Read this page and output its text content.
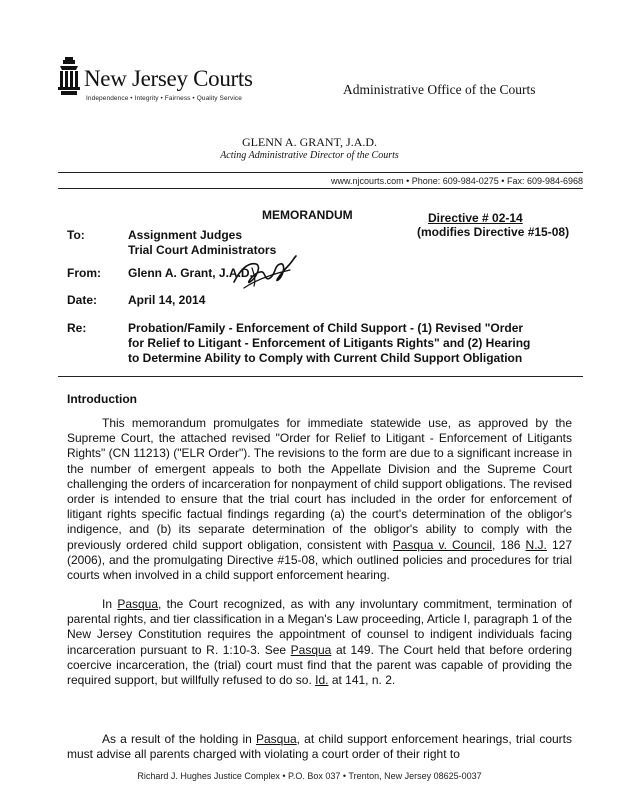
New Jersey Courts
Independence • Integrity • Fairness • Quality Service
Administrative Office of the Courts
GLENN A. GRANT, J.A.D.
Acting Administrative Director of the Courts
www.njcourts.com • Phone: 609-984-0275 • Fax: 609-984-6968
MEMORANDUM	Directive # 02-14
(modifies Directive #15-08)
To:	Assignment Judges
Trial Court Administrators
From: Glenn A. Grant, J.A.D.
Date:	April 14, 2014
Re:	Probation/Family - Enforcement of Child Support - (1) Revised "Order
for Relief to Litigant - Enforcement of Litigants Rights" and (2) Hearing
to Determine Ability to Comply with Current Child Support Obligation
Introduction

This memorandum promulgates for immediate statewide use, as approved by the Supreme Court, the attached revised "Order for Relief to Litigant - Enforcement of Litigants Rights" (CN 11213) ("ELR Order"). The revisions to the form are due to a significant increase in the number of emergent appeals to both the Appellate Division and the Supreme Court challenging the orders of incarceration for nonpayment of child support obligations. The revised order is intended to ensure that the trial court has included in the order for enforcement of litigant rights specific factual findings regarding (a) the court's determination of the obligor's indigence, and (b) its separate determination of the obligor's ability to comply with the previously ordered child support obligation, consistent with Pasqua v. Council, 186 N.J. 127 (2006), and the promulgating Directive #15-08, which outlined policies and procedures for trial courts when involved in a child support enforcement hearing.

In Pasqua, the Court recognized, as with any involuntary commitment, termination of parental rights, and tier classification in a Megan's Law proceeding, Article I, paragraph 1 of the New Jersey Constitution requires the appointment of counsel to indigent individuals facing incarceration pursuant to R. 1:10-3. See Pasqua at 149. The Court held that before ordering coercive incarceration, the (trial) court must find that the parent was capable of providing the required support, but willfully refused to do so. Id. at 141, n. 2.

As a result of the holding in Pasqua, at child support enforcement hearings, trial courts must advise all parents charged with violating a court order of their right to

Richard J. Hughes Justice Complex • P.O. Box 037 • Trenton, New Jersey 08625-0037
